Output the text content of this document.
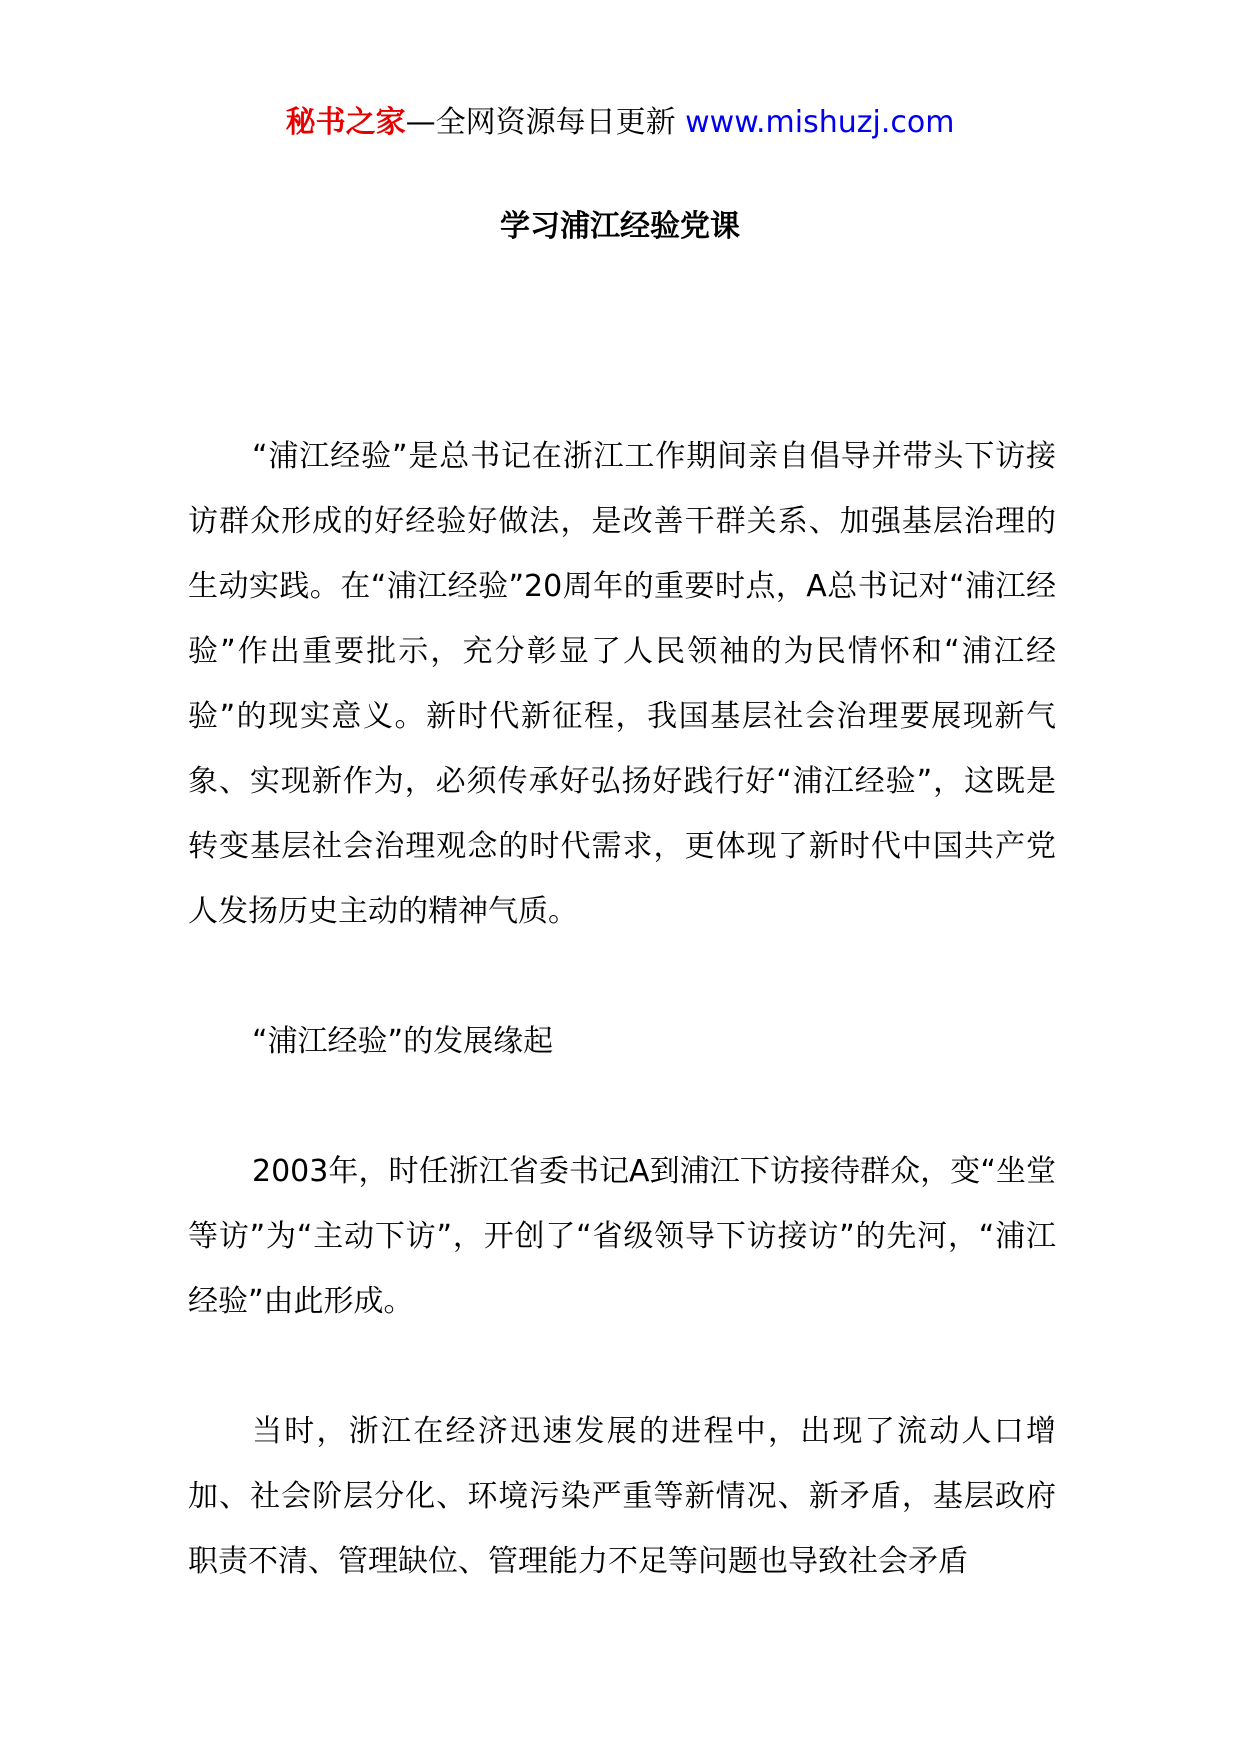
秘书之家—全网资源每日更新 www.mishuzj.com
学习浦江经验党课

“浦江经验”是总书记在浙江工作期间亲自倡导并带头下访接访群众形成的好经验好做法，是改善干群关系、加强基层治理的生动实践。在“浦江经验”20周年的重要时点，A总书记对“浦江经验”作出重要批示，充分彰显了人民领袖的为民情怀和“浦江经验”的现实意义。新时代新征程，我国基层社会治理要展现新气象、实现新作为，必须传承好弘扬好践行好“浦江经验”，这既是转变基层社会治理观念的时代需求，更体现了新时代中国共产党人发扬历史主动的精神气质。

“浦江经验”的发展缘起

2003年，时任浙江省委书记A到浦江下访接待群众，变“坐堂等访”为“主动下访”，开创了“省级领导下访接访”的先河，“浦江经验”由此形成。

当时，浙江在经济迅速发展的进程中，出现了流动人口增加、社会阶层分化、环境污染严重等新情况、新矛盾，基层政府职责不清、管理缺位、管理能力不足等问题也导致社会矛盾
